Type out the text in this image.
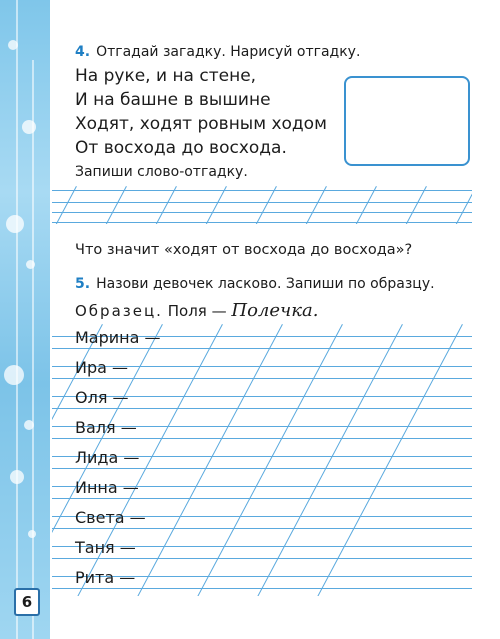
6
4. Отгадай загадку. Нарисуй отгадку.
На руке, и на стене,
И на башне в вышине
Ходят, ходят ровным ходом
От восхода до восхода.
Запиши слово-отгадку.
Что значит «ходят от восхода до восхода»?
5. Назови девочек ласково. Запиши по образцу.
Образец. Поля — Полечка.
Марина —
Ира —
Оля —
Валя —
Лида —
Инна —
Света —
Таня —
Рита —
